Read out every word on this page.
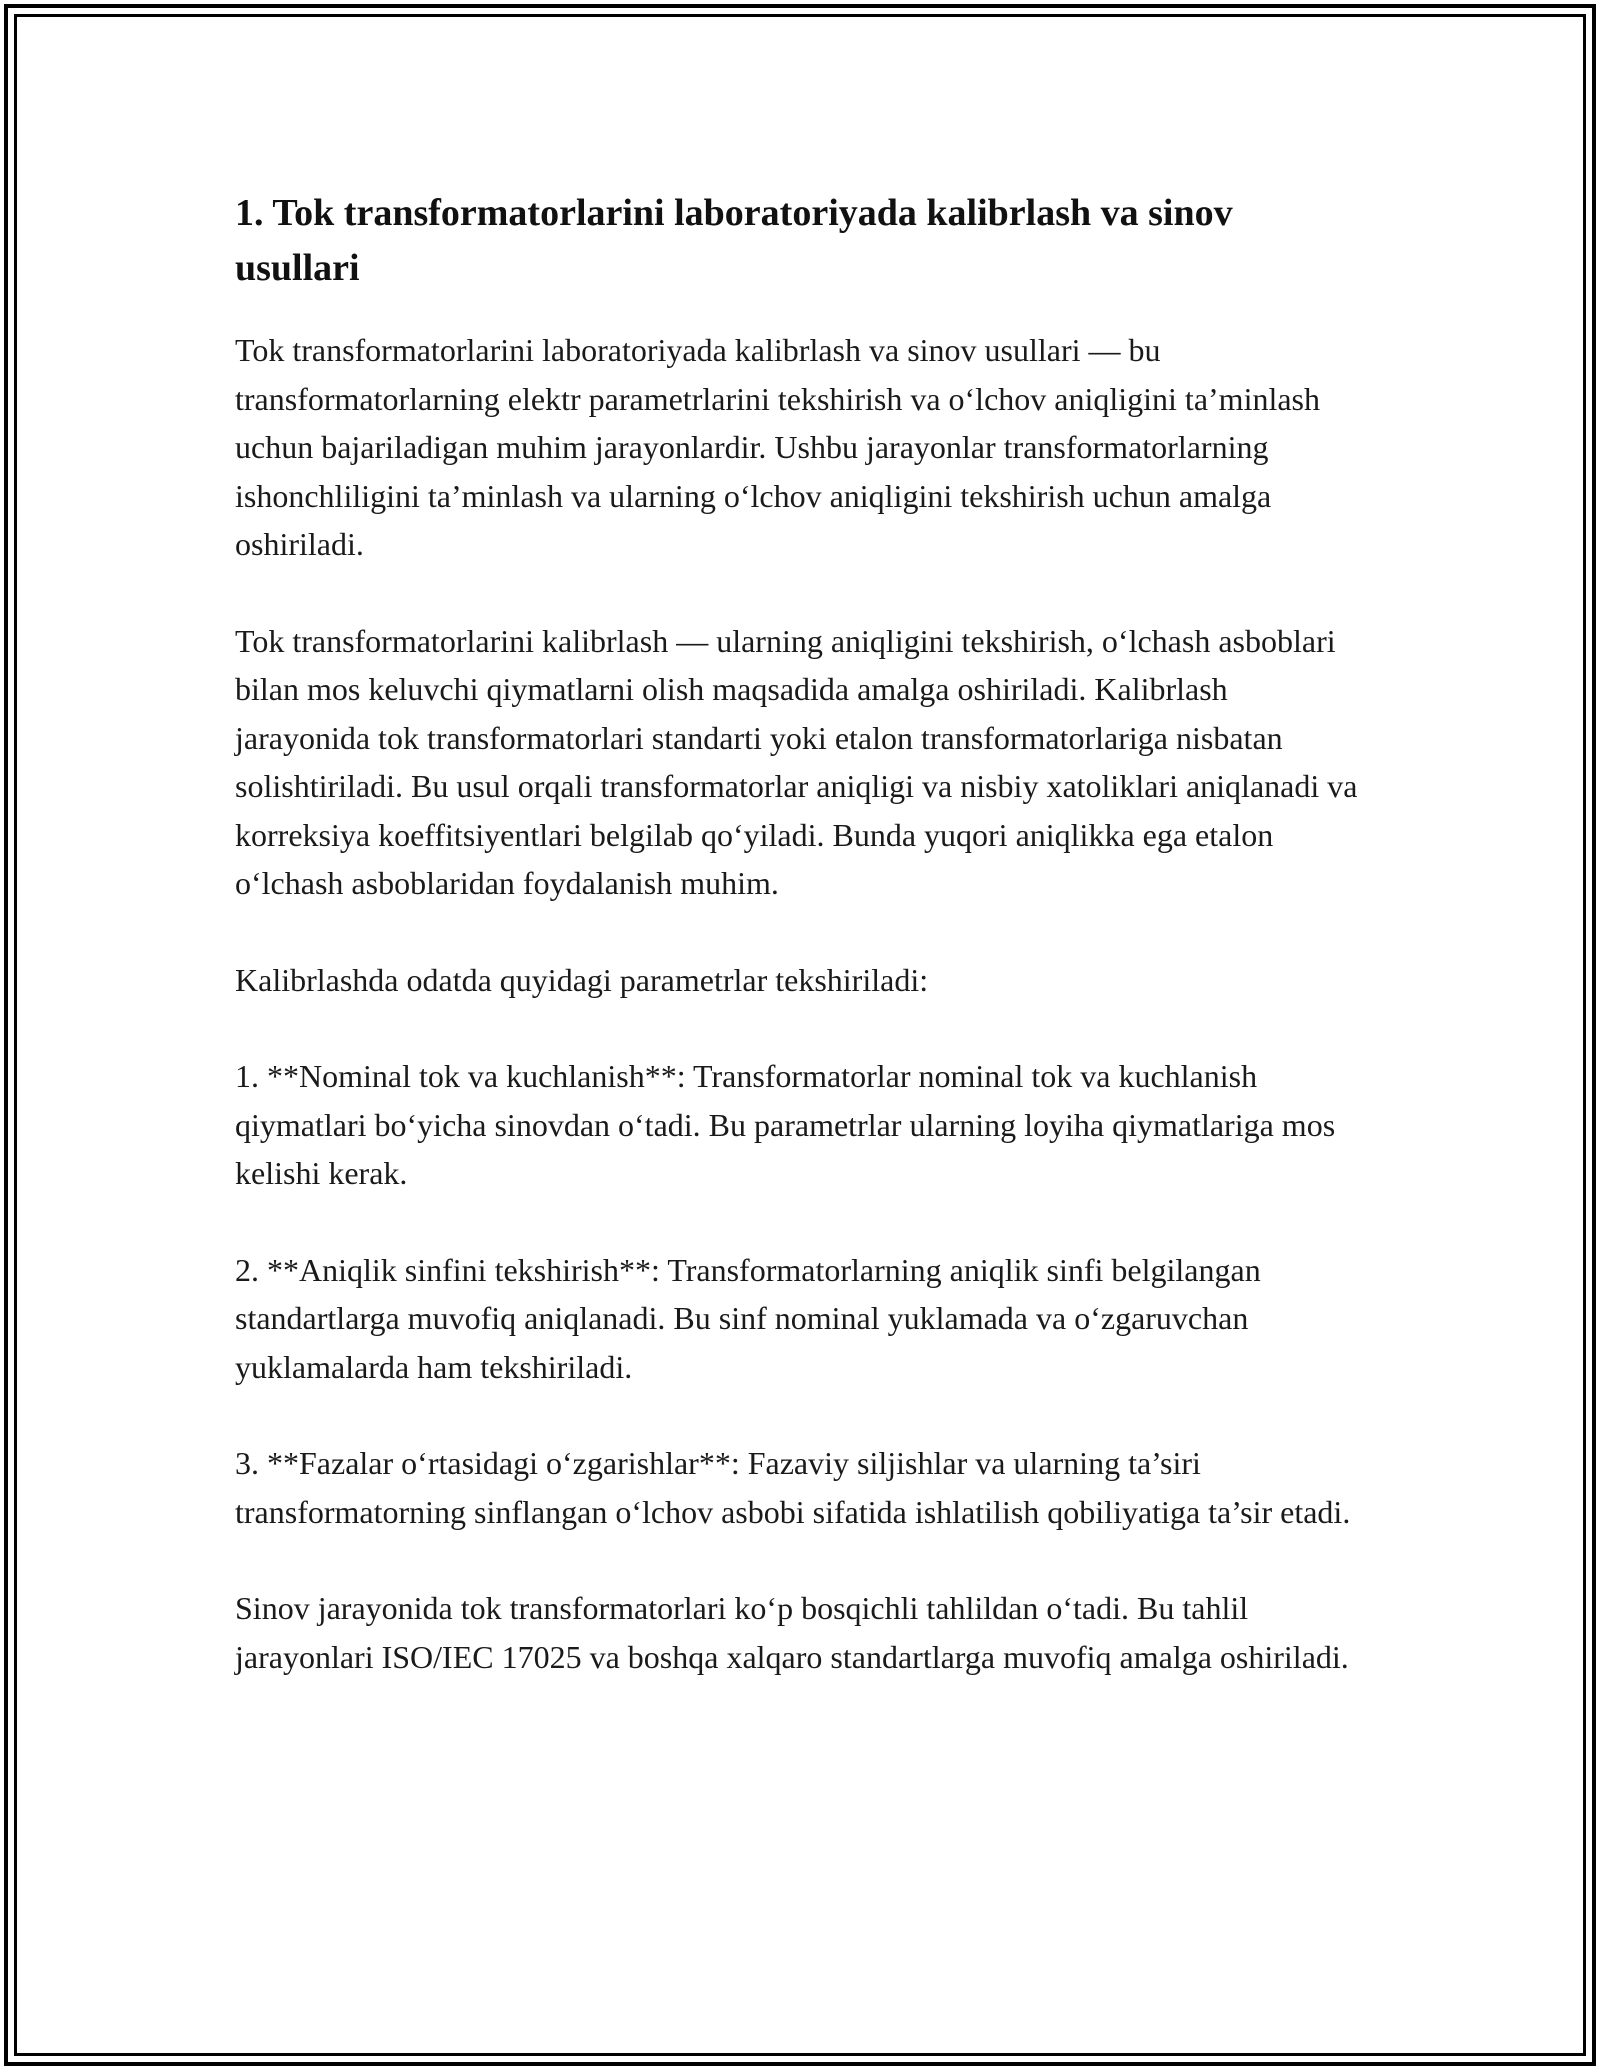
1. Tok transformatorlarini laboratoriyada kalibrlash va sinov usullari

Tok transformatorlarini laboratoriyada kalibrlash va sinov usullari — bu transformatorlarning elektr parametrlarini tekshirish va o‘lchov aniqligini ta’minlash uchun bajariladigan muhim jarayonlardir. Ushbu jarayonlar transformatorlarning ishonchliligini ta’minlash va ularning o‘lchov aniqligini tekshirish uchun amalga oshiriladi.

Tok transformatorlarini kalibrlash — ularning aniqligini tekshirish, o‘lchash asboblari bilan mos keluvchi qiymatlarni olish maqsadida amalga oshiriladi. Kalibrlash jarayonida tok transformatorlari standarti yoki etalon transformatorlariga nisbatan solishtiriladi. Bu usul orqali transformatorlar aniqligi va nisbiy xatoliklari aniqlanadi va korreksiya koeffitsiyentlari belgilab qo‘yiladi. Bunda yuqori aniqlikka ega etalon o‘lchash asboblaridan foydalanish muhim.

Kalibrlashda odatda quyidagi parametrlar tekshiriladi:

1. **Nominal tok va kuchlanish**: Transformatorlar nominal tok va kuchlanish qiymatlari bo‘yicha sinovdan o‘tadi. Bu parametrlar ularning loyiha qiymatlariga mos kelishi kerak.

2. **Aniqlik sinfini tekshirish**: Transformatorlarning aniqlik sinfi belgilangan standartlarga muvofiq aniqlanadi. Bu sinf nominal yuklamada va o‘zgaruvchan yuklamalarda ham tekshiriladi.

3. **Fazalar o‘rtasidagi o‘zgarishlar**: Fazaviy siljishlar va ularning ta’siri transformatorning sinflangan o‘lchov asbobi sifatida ishlatilish qobiliyatiga ta’sir etadi.

Sinov jarayonida tok transformatorlari ko‘p bosqichli tahlildan o‘tadi. Bu tahlil jarayonlari ISO/IEC 17025 va boshqa xalqaro standartlarga muvofiq amalga oshiriladi.
